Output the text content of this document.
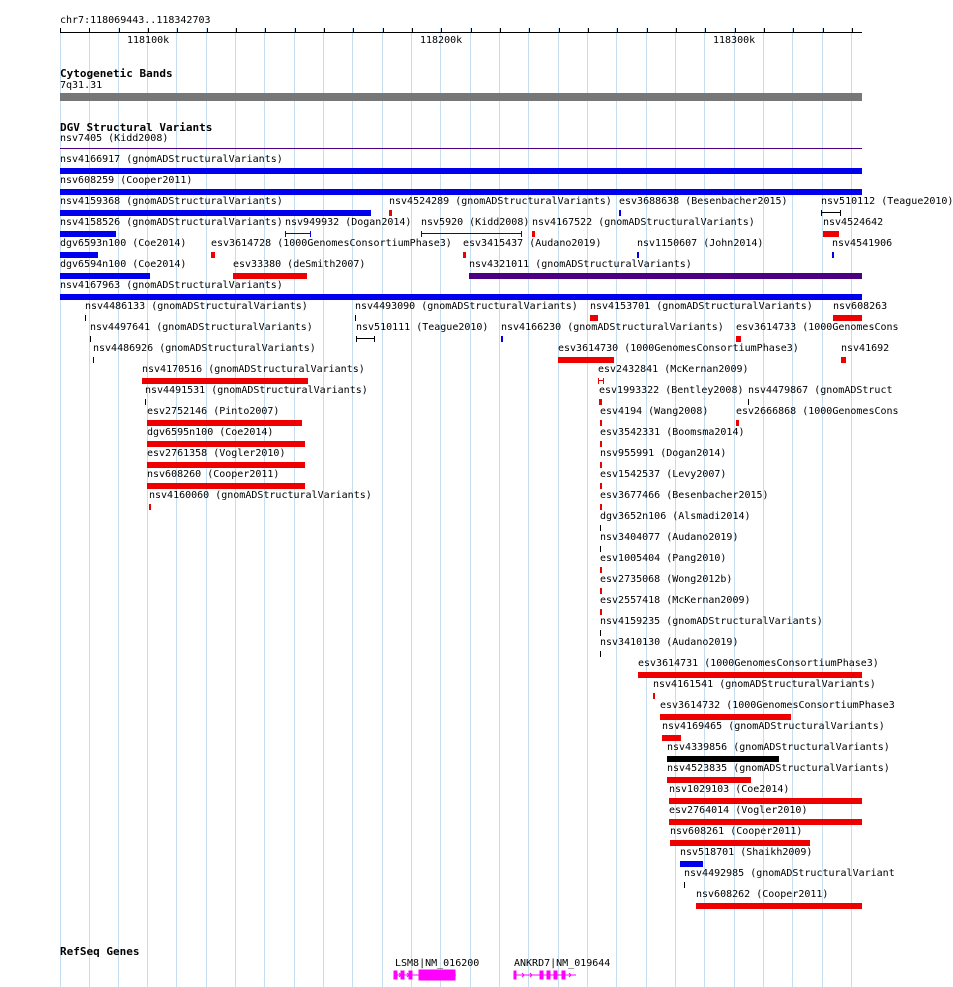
chr7:118069443..118342703
118100k	118200k	118300k
Cytogenetic Bands
7q31.31
DGV Structural Variants
nsv7405 (Kidd2008)
nsv4166917 (gnomADStructuralVariants)
nsv608259 (Cooper2011)
nsv4159368 (gnomADStructuralVariants)	nsv4524289 (gnomADStructuralVariants) esv3688638 (Besenbacher2015)	nsv510112 (Teague2010)
nsv4158526 (gnomADStructuralVariants) nsv949932 (Dogan2014) nsv5920 (Kidd2008) nsv4167522 (gnomADStructuralVariants)	nsv4524642
dgv6593n100 (Coe2014) esv3614728 (1000GenomesConsortiumPhase3) esv3415437 (Audano2019)	nsv1150607 (John2014)	nsv4541906
dgv6594n100 (Coe2014)	esv33380 (deSmith2007)	nsv4321011 (gnomADStructuralVariants)
nsv4167963 (gnomADStructuralVariants)
nsv4486133 (gnomADStructuralVariants)	nsv4493090 (gnomADStructuralVariants) nsv4153701 (gnomADStructuralVariants) nsv608263
nsv4497641 (gnomADStructuralVariants)	nsv510111 (Teague2010) nsv4166230 (gnomADStructuralVariants) esv3614733 (1000GenomesCons
nsv4486926 (gnomADStructuralVariants)	esv3614730 (1000GenomesConsortiumPhase3)	nsv41692
nsv4170516 (gnomADStructuralVariants)	esv2432841 (McKernan2009)
nsv4491531 (gnomADStructuralVariants)	esv1993322 (Bentley2008) nsv4479867 (gnomADStruct
esv2752146 (Pinto2007)	esv4194 (Wang2008)	esv2666868 (1000GenomesCons
dgv6595n100 (Coe2014)	esv3542331 (Boomsma2014)
esv2761358 (Vogler2010)	nsv955991 (Dogan2014)
nsv608260 (Cooper2011)	esv1542537 (Levy2007)
nsv4160060 (gnomADStructuralVariants)	esv3677466 (Besenbacher2015)
dgv3652n106 (Alsmadi2014)
nsv3404077 (Audano2019)
esv1005404 (Pang2010)
esv2735068 (Wong2012b)
esv2557418 (McKernan2009)
nsv4159235 (gnomADStructuralVariants)
nsv3410130 (Audano2019)
esv3614731 (1000GenomesConsortiumPhase3)
nsv4161541 (gnomADStructuralVariants)
esv3614732 (1000GenomesConsortiumPhase3
nsv4169465 (gnomADStructuralVariants)
nsv4339856 (gnomADStructuralVariants)
nsv4523835 (gnomADStructuralVariants)
nsv1029103 (Coe2014)
esv2764014 (Vogler2010)
nsv608261 (Cooper2011)
nsv518701 (Shaikh2009)
nsv4492985 (gnomADStructuralVariant
nsv608262 (Cooper2011)
RefSeq Genes
LSM8|NM_016200	ANKRD7|NM_019644
